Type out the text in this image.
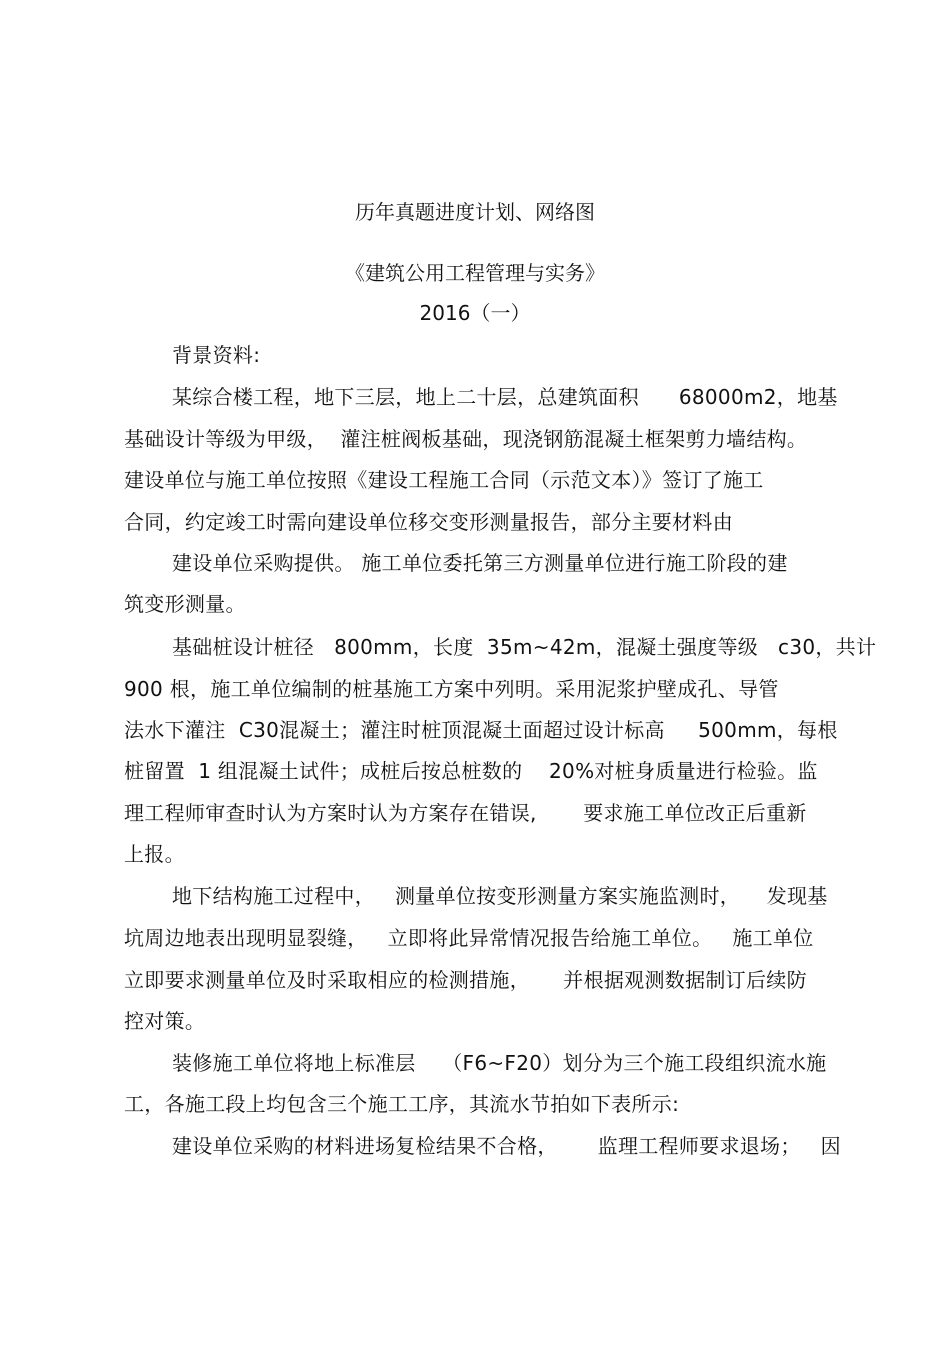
历年真题进度计划、网络图
《建筑公用工程管理与实务》
2016（一）
背景资料:
某综合楼工程，地下三层，地上二十层，总建筑面积      68000m2，地基
基础设计等级为甲级，  灌注桩阀板基础，现浇钢筋混凝土框架剪力墙结构。
建设单位与施工单位按照《建设工程施工合同（示范文本）》签订了施工
合同，约定竣工时需向建设单位移交变形测量报告，部分主要材料由
建设单位采购提供。 施工单位委托第三方测量单位进行施工阶段的建
筑变形测量。
基础桩设计桩径   800mm，长度  35m~42m，混凝土强度等级   c30，共计
900 根，施工单位编制的桩基施工方案中列明。采用泥浆护壁成孔、导管
法水下灌注  C30混凝土；灌注时桩顶混凝土面超过设计标高     500mm，每根
桩留置  1 组混凝土试件；成桩后按总桩数的    20%对桩身质量进行检验。监
理工程师审查时认为方案时认为方案存在错误,       要求施工单位改正后重新
上报。
地下结构施工过程中，   测量单位按变形测量方案实施监测时，    发现基
坑周边地表出现明显裂缝，   立即将此异常情况报告给施工单位。   施工单位
立即要求测量单位及时采取相应的检测措施，     并根据观测数据制订后续防
控对策。
装修施工单位将地上标准层    （F6~F20）划分为三个施工段组织流水施
工，各施工段上均包含三个施工工序，其流水节拍如下表所示:
建设单位采购的材料进场复检结果不合格，      监理工程师要求退场；   因
